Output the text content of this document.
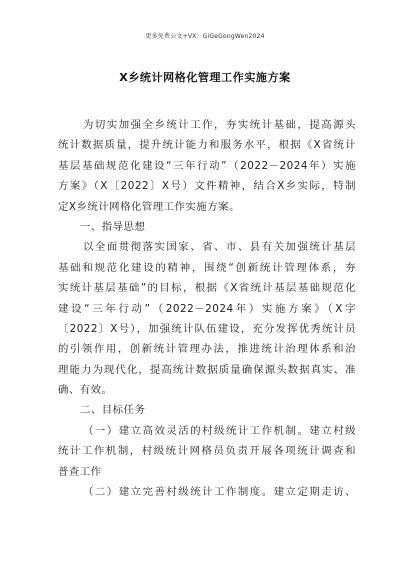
更多免费公文+VX：GiGeGongWen2024
X乡统计网格化管理工作实施方案
为切实加强全乡统计工作，夯实统计基础，提高源头
统计数据质量，提升统计能力和服务水平，根据《X省统计
基层基础规范化建设“三年行动”（2022－2024年）实施
方案》（X〔2022〕X号）文件精神，结合X乡实际，特制
定X乡统计网格化管理工作实施方案。
一、指导思想
以全面贯彻落实国家、省、市、县有关加强统计基层
基础和规范化建设的精神，围绕“创新统计管理体系，夯
实统计基层基础”的目标，根据《X省统计基层基础规范化
建设“三年行动”（2022－2024年）实施方案》（X字
〔2022〕X号），加强统计队伍建设，充分发挥优秀统计员
的引领作用，创新统计管理办法，推进统计治理体系和治
理能力为现代化，提高统计数据质量确保源头数据真实、准
确、有效。
二、目标任务
（一）建立高效灵活的村级统计工作机制。建立村级
统计工作机制，村级统计网格员负责开展各项统计调查和
普查工作
（二）建立完善村级统计工作制度。建立定期走访、
